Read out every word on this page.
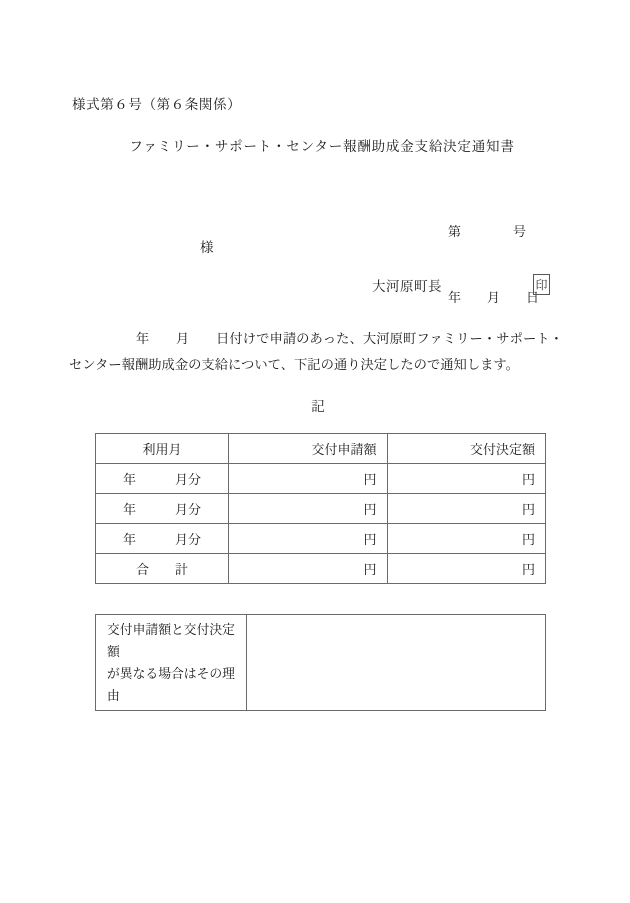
様式第６号（第６条関係）
ファミリー・サポート・センター報酬助成金支給決定通知書

第　　　　号

年　　月　　日

様
大河原町長	印
　　　　　年　　月　　日付けで申請のあった、大河原町ファミリー・サポート・センター報酬助成金の支給について、下記の通り決定したので通知します。
記
利用月	交付申請額	交付決定額
年　　　月分	円	円
年　　　月分	円	円
年　　　月分	円	円
合　　計	円	円
交付申請額と交付決定額
が異なる場合はその理由
